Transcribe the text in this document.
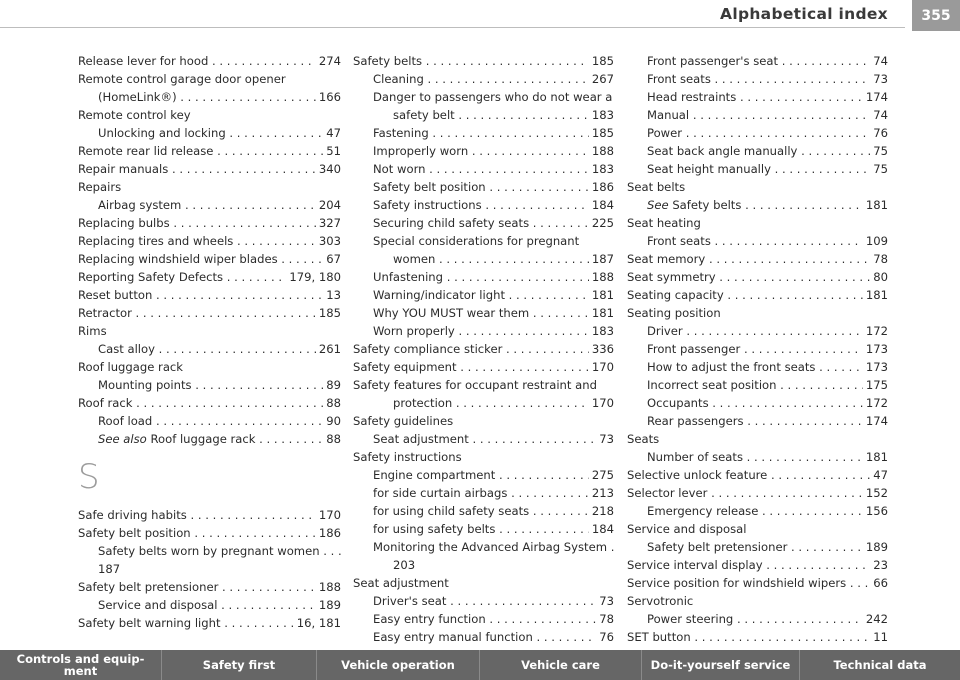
Alphabetical index	355
Release lever for hood . . .	274
Remote control garage door opener
(HomeLink®) . . .	166
Remote control key
Unlocking and locking . . .	47
Remote rear lid release . . .	51
Repair manuals . . .	340
Repairs
Airbag system . . .	204
Replacing bulbs . . .	327
Replacing tires and wheels . . .	303
Replacing windshield wiper blades . . .	67
Reporting Safety Defects . . .	179, 180
Reset button . . .	13
Retractor . . .	185
Rims
Cast alloy . . .	261
Roof luggage rack
Mounting points . . .	89
Roof rack . . .	88
Roof load . . .	90
See also Roof luggage rack . . .	88
S
Safe driving habits . . .	170
Safety belt position . . .	186
Safety belts worn by pregnant women . . .
187
Safety belt pretensioner . . .	188
Service and disposal . . .	189
Safety belt warning light . . .	16, 181
Safety belts . . .	185
Cleaning . . .	267
Danger to passengers who do not wear a
safety belt . . .	183
Fastening . . .	185
Improperly worn . . .	188
Not worn . . .	183
Safety belt position . . .	186
Safety instructions . . .	184
Securing child safety seats . . .	225
Special considerations for pregnant
women . . .	187
Unfastening . . .	188
Warning/indicator light . . .	181
Why YOU MUST wear them . . .	181
Worn properly . . .	183
Safety compliance sticker . . .	336
Safety equipment . . .	170
Safety features for occupant restraint and
protection . . .	170
Safety guidelines
Seat adjustment . . .	73
Safety instructions
Engine compartment . . .	275
for side curtain airbags . . .	213
for using child safety seats . . .	218
for using safety belts . . .	184
Monitoring the Advanced Airbag System .
203
Seat adjustment
Driver's seat . . .	73
Easy entry function . . .	78
Easy entry manual function . . .	76
. . .
Front passenger's seat . . .	74
Front seats . . .	73
Head restraints . . .	174
Manual . . .	74
Power . . .	76
Seat back angle manually . . .	75
Seat height manually . . .	75
Seat belts
See Safety belts . . .	181
Seat heating
Front seats . . .	109
Seat memory . . .	78
Seat symmetry . . .	80
Seating capacity . . .	181
Seating position
Driver . . .	172
Front passenger . . .	173
How to adjust the front seats . . .	173
Incorrect seat position . . .	175
Occupants . . .	172
Rear passengers . . .	174
Seats
Number of seats . . .	181
Selective unlock feature . . .	47
Selector lever . . .	152
Emergency release . . .	156
Service and disposal
Safety belt pretensioner . . .	189
Service interval display . . .	23
Service position for windshield wipers . . . 66
Servotronic
Power steering . . .	242
SET button . . .	11
Controls and equip-
ment	Safety first	Vehicle operation	Vehicle care	Do-it-yourself service	Technical data
